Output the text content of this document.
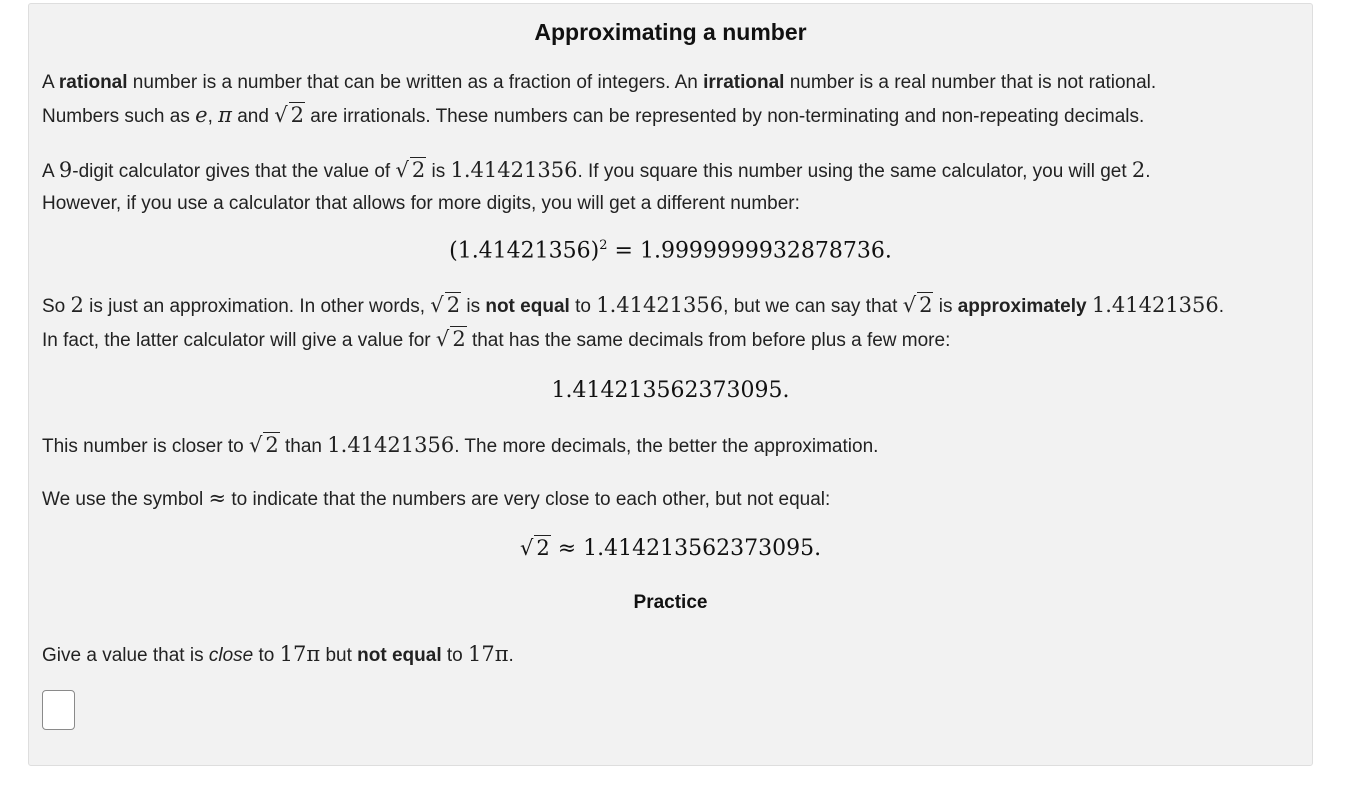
Approximating a number
A rational number is a number that can be written as a fraction of integers. An irrational number is a real number that is not rational.
Numbers such as e, π and √ 2 are irrationals. These numbers can be represented by non-terminating and non-repeating decimals.
A 9-digit calculator gives that the value of √ 2 is 1.41421356. If you square this number using the same calculator, you will get 2.
However, if you use a calculator that allows for more digits, you will get a different number:
$(1.41421356)^2 = 1.9999999932878736$.
So 2 is just an approximation. In other words, √ 2 is not equal to 1.41421356, but we can say that √ 2 is approximately 1.41421356.
In fact, the latter calculator will give a value for √ 2 that has the same decimals from before plus a few more:
1.414213562373095.
This number is closer to √ 2 than 1.41421356. The more decimals, the better the approximation.
We use the symbol ≈ to indicate that the numbers are very close to each other, but not equal:
√ 2 ≈ 1.414213562373095.
Practice
Give a value that is close to 17π but not equal to 17π.
